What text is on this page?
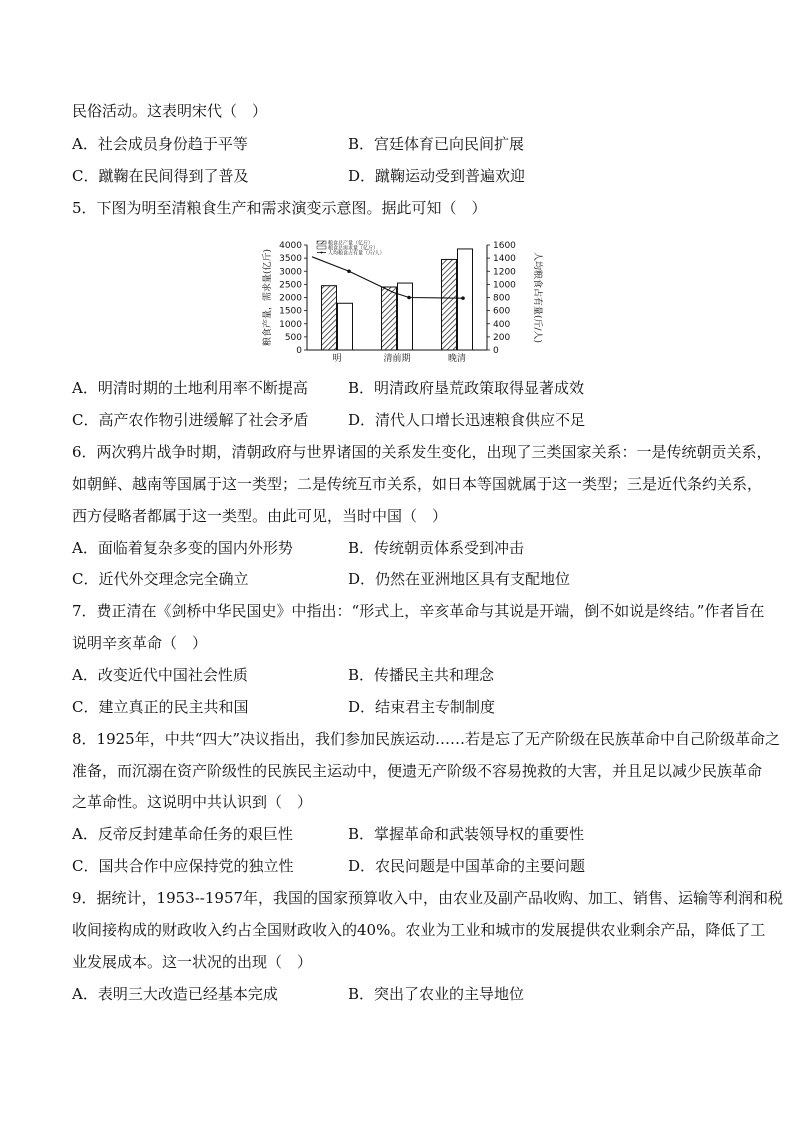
民俗活动。这表明宋代（　）
A．社会成员身份趋于平等	B．宫廷体育已向民间扩展
C．蹴鞠在民间得到了普及	D．蹴鞠运动受到普遍欢迎
5．下图为明至清粮食生产和需求演变示意图。据此可知（　）
0
500
1000
1500
2000
2500
3000
3500
4000
0
200
400
600
800
1000
1200
1400
1600
粮食产量，需求量(亿斤)	人均粮食占有量(斤/人)
明	清前期	晚清
粮食总产量（亿斤）
粮食总需求量（亿斤）
人均粮食占有量（斤/人）
A．明清时期的土地利用率不断提高	B．明清政府垦荒政策取得显著成效
C．高产农作物引进缓解了社会矛盾	D．清代人口增长迅速粮食供应不足
6．两次鸦片战争时期，清朝政府与世界诸国的关系发生变化，出现了三类国家关系：一是传统朝贡关系，
如朝鲜、越南等国属于这一类型；二是传统互市关系，如日本等国就属于这一类型；三是近代条约关系，
西方侵略者都属于这一类型。由此可见，当时中国（　）
A．面临着复杂多变的国内外形势	B．传统朝贡体系受到冲击
C．近代外交理念完全确立	D．仍然在亚洲地区具有支配地位
7．费正清在《剑桥中华民国史》中指出：“形式上，辛亥革命与其说是开端，倒不如说是终结。”作者旨在
说明辛亥革命（　）
A．改变近代中国社会性质	B．传播民主共和理念
C．建立真正的民主共和国	D．结束君主专制制度
8．1925年，中共“四大”决议指出，我们参加民族运动……若是忘了无产阶级在民族革命中自己阶级革命之
准备，而沉溺在资产阶级性的民族民主运动中，便遗无产阶级不容易挽救的大害，并且足以减少民族革命
之革命性。这说明中共认识到（　）
A．反帝反封建革命任务的艰巨性	B．掌握革命和武装领导权的重要性
C．国共合作中应保持党的独立性	D．农民问题是中国革命的主要问题
9．据统计，1953--1957年，我国的国家预算收入中，由农业及副产品收购、加工、销售、运输等利润和税
收间接构成的财政收入约占全国财政收入的40%。农业为工业和城市的发展提供农业剩余产品，降低了工
业发展成本。这一状况的出现（　）
A．表明三大改造已经基本完成	B．突出了农业的主导地位
